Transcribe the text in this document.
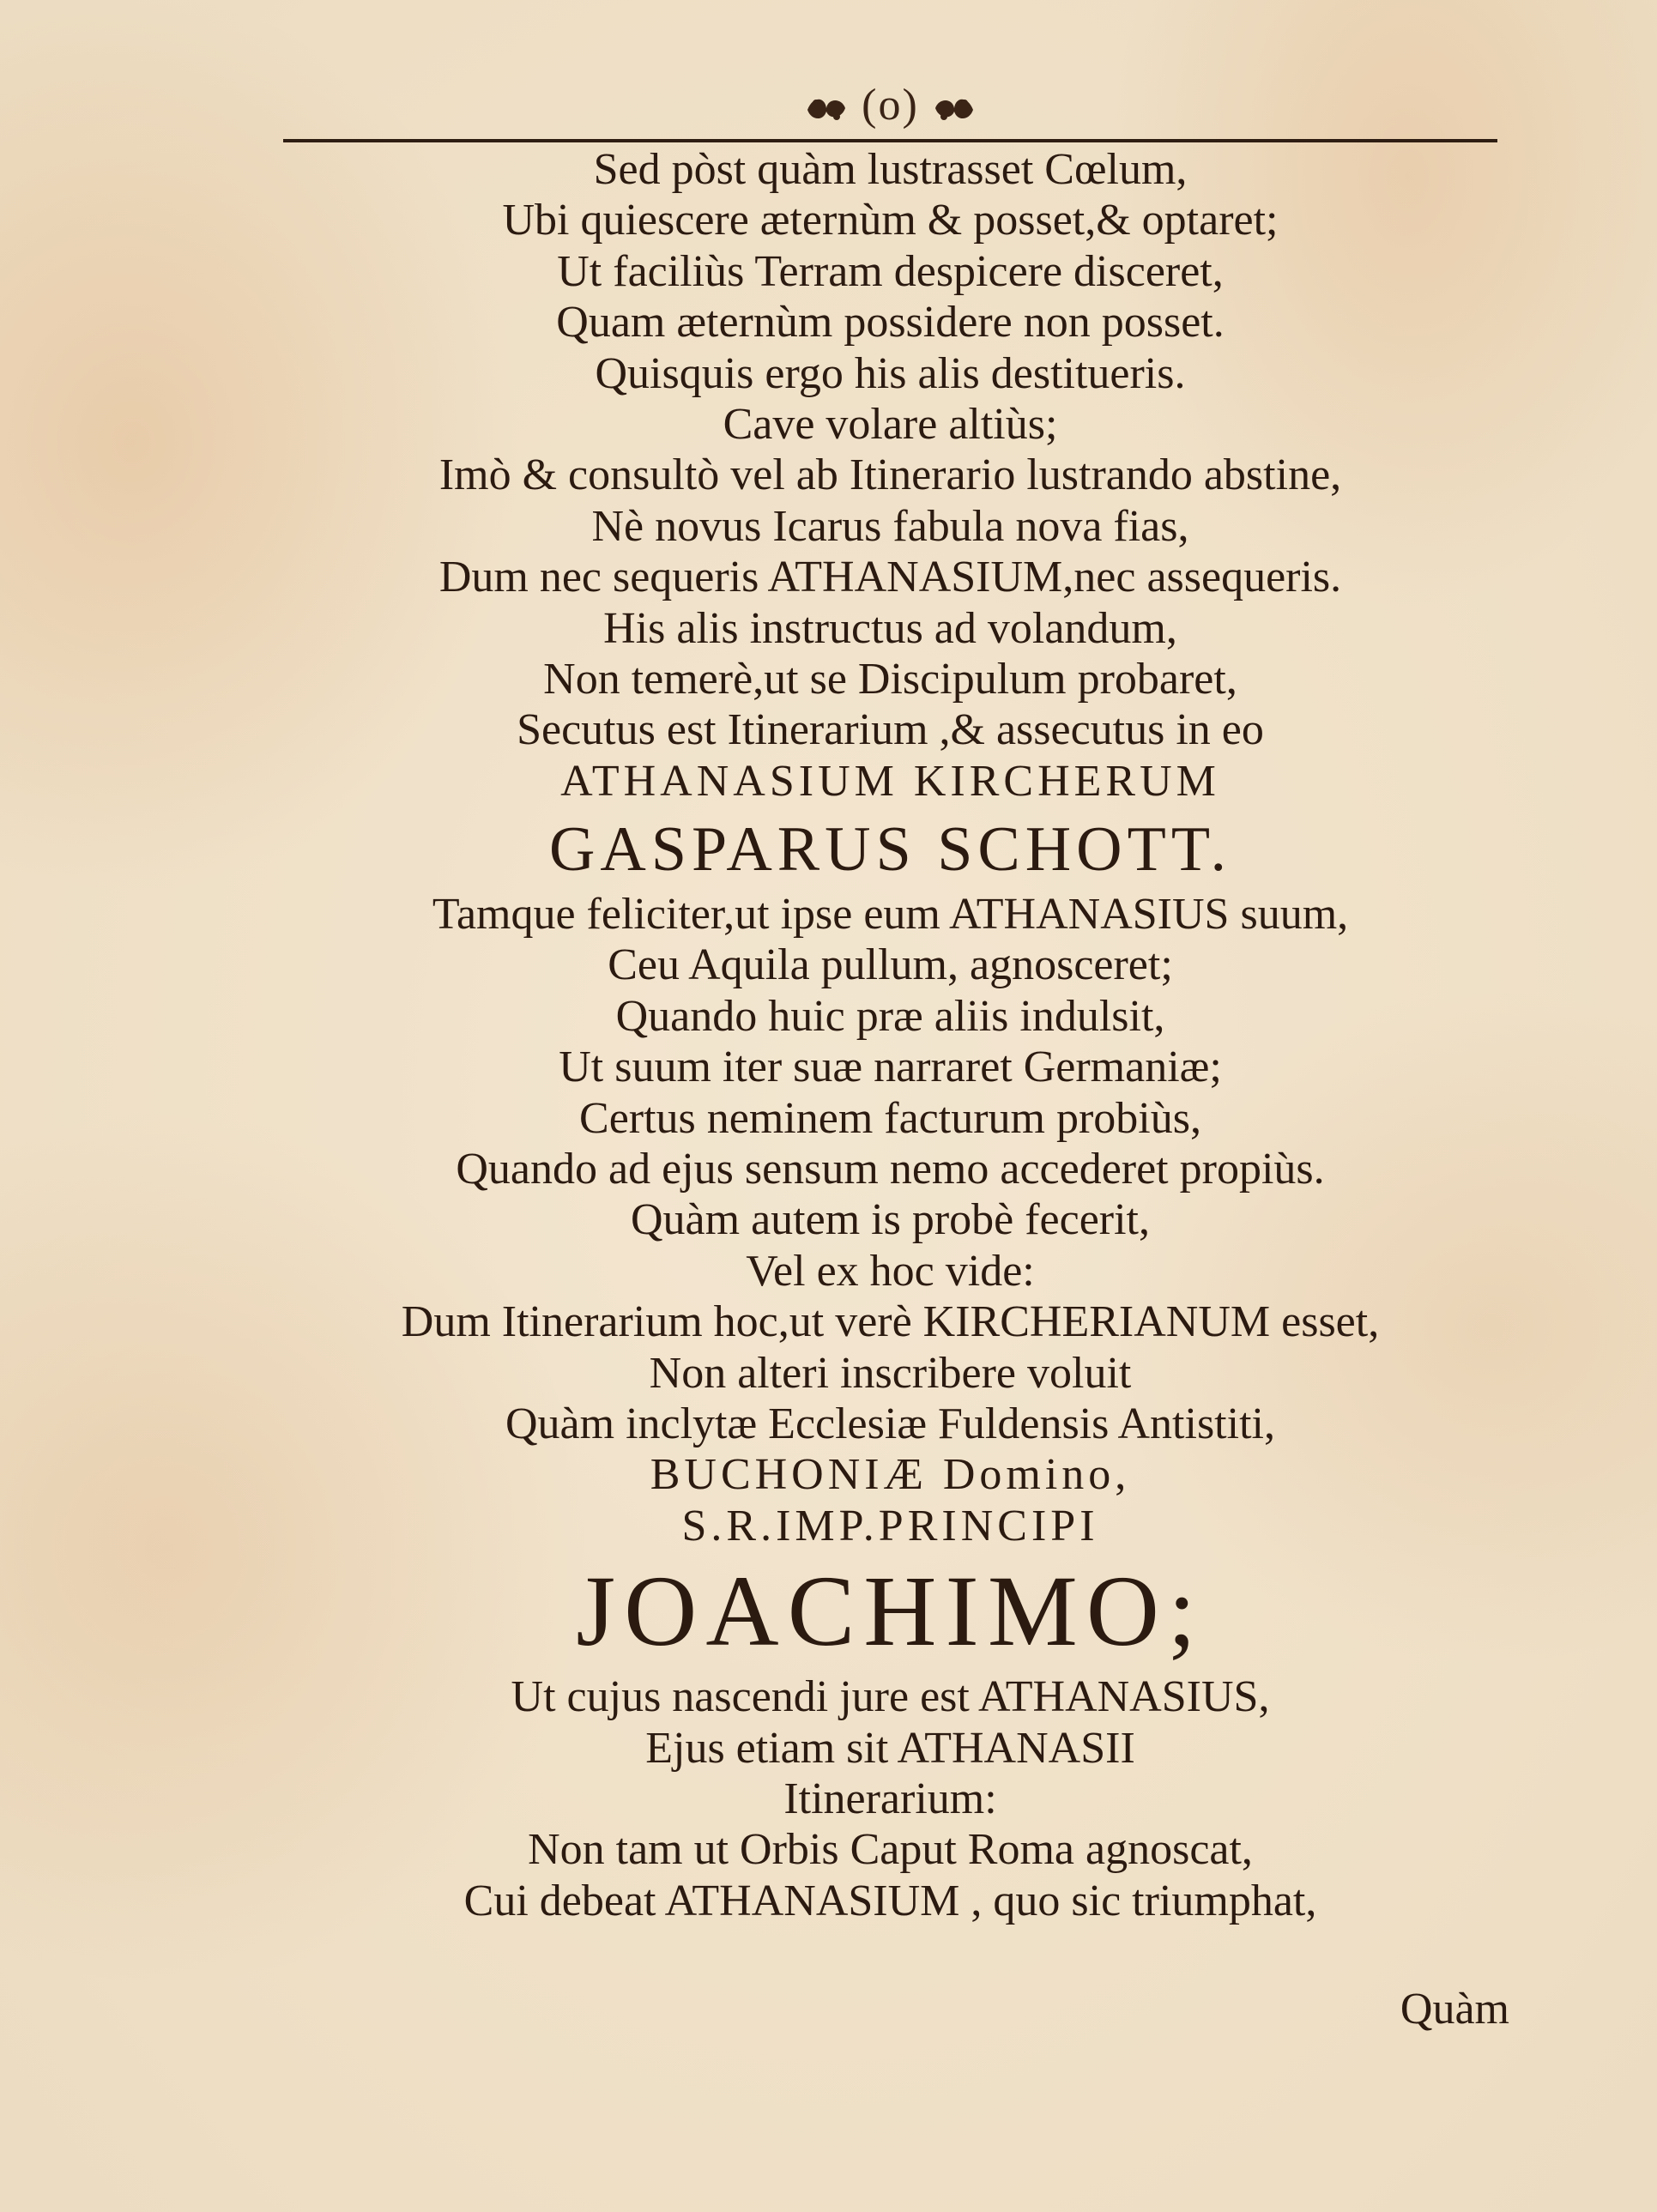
(o)
Sed pòst quàm lustrasset Cœlum,
Ubi quiescere æternùm & posset,& optaret;
Ut faciliùs Terram despicere disceret,
Quam æternùm possidere non posset.
Quisquis ergo his alis destitueris.
Cave volare altiùs;
Imò & consultò vel ab Itinerario lustrando abstine,
Nè novus Icarus fabula nova fias,
Dum nec sequeris ATHANASIUM,nec assequeris.
His alis instructus ad volandum,
Non temerè,ut se Discipulum probaret,
Secutus est Itinerarium ,& assecutus in eo
ATHANASIUM KIRCHERUM
GASPARUS SCHOTT.
Tamque feliciter,ut ipse eum ATHANASIUS suum,
Ceu Aquila pullum, agnosceret;
Quando huic præ aliis indulsit,
Ut suum iter suæ narraret Germaniæ;
Certus neminem facturum probiùs,
Quando ad ejus sensum nemo accederet propiùs.
Quàm autem is probè fecerit,
Vel ex hoc vide:
Dum Itinerarium hoc,ut verè KIRCHERIANUM esset,
Non alteri inscribere voluit
Quàm inclytæ Ecclesiæ Fuldensis Antistiti,
BUCHONIÆ Domino,
S.R.IMP.PRINCIPI
JOACHIMO;
Ut cujus nascendi jure est ATHANASIUS,
Ejus etiam sit ATHANASII
Itinerarium:
Non tam ut Orbis Caput Roma agnoscat,
Cui debeat ATHANASIUM , quo sic triumphat,
Quàm
